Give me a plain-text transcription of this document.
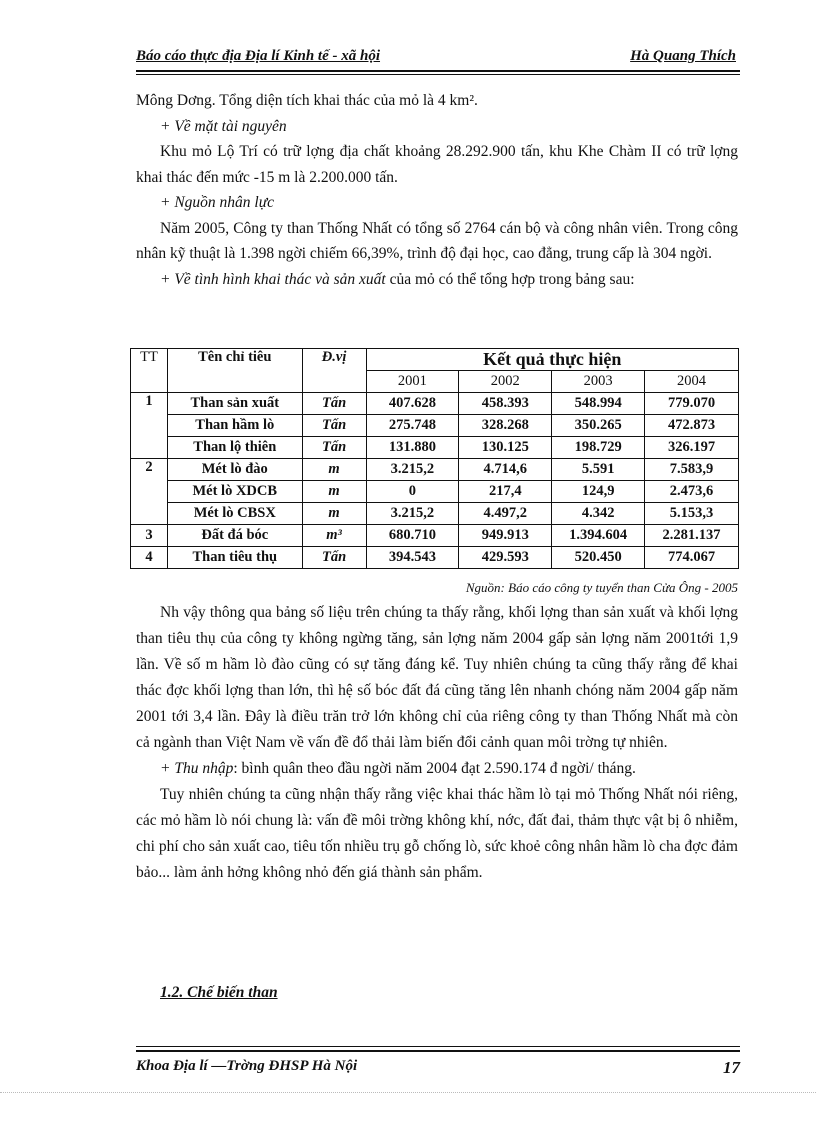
Báo cáo thực địa Địa lí Kinh tế - xã hội	Hà Quang Thích

Mông Dơng. Tổng diện tích khai thác của mỏ là 4 km².

+ Về mặt tài nguyên

Khu mỏ Lộ Trí có trữ lợng địa chất khoảng 28.292.900 tấn, khu Khe Chàm II có trữ lợng khai thác đến mức -15 m là 2.200.000 tấn.

+ Nguồn nhân lực

Năm 2005, Công ty than Thống Nhất có tổng số 2764 cán bộ và công nhân viên. Trong công nhân kỹ thuật là 1.398 ngời chiếm 66,39%, trình độ đại học, cao đẳng, trung cấp là 304 ngời.

+ Về tình hình khai thác và sản xuất của mỏ có thể tổng hợp trong bảng sau:

TT	Tên chỉ tiêu	Đ.vị	Kết quả thực hiện			
			2001	2002	2003	2004
1	Than sản xuất	Tấn	407.628	458.393	548.994	779.070
	Than hầm lò	Tấn	275.748	328.268	350.265	472.873
	Than lộ thiên	Tấn	131.880	130.125	198.729	326.197
2	Mét lò đào	m	3.215,2	4.714,6	5.591	7.583,9
	Mét lò XDCB	m	0	217,4	124,9	2.473,6
	Mét lò CBSX	m	3.215,2	4.497,2	4.342	5.153,3
3	Đất đá bóc	m³	680.710	949.913	1.394.604	2.281.137
4	Than tiêu thụ	Tấn	394.543	429.593	520.450	774.067
Nguồn: Báo cáo công ty tuyển than Cửa Ông - 2005

Nh vậy thông qua bảng số liệu trên chúng ta thấy rằng, khối lợng than sản xuất và khối lợng than tiêu thụ của công ty không ngừng tăng, sản lợng năm 2004 gấp sản lợng năm 2001tới 1,9 lần. Về số m hầm lò đào cũng có sự tăng đáng kể. Tuy nhiên chúng ta cũng thấy rằng để khai thác đợc khối lợng than lớn, thì hệ số bóc đất đá cũng tăng lên nhanh chóng năm 2004 gấp năm 2001 tới 3,4 lần. Đây là điều trăn trở lớn không chỉ của riêng công ty than Thống Nhất mà còn cả ngành than Việt Nam về vấn đề đổ thải làm biến đổi cảnh quan môi trờng tự nhiên.

+ Thu nhập: bình quân theo đầu ngời năm 2004 đạt 2.590.174 đ ngời/ tháng.

Tuy nhiên chúng ta cũng nhận thấy rằng việc khai thác hầm lò tại mỏ Thống Nhất nói riêng, các mỏ hầm lò nói chung là: vấn đề môi trờng không khí, nớc, đất đai, thảm thực vật bị ô nhiễm, chi phí cho sản xuất cao, tiêu tốn nhiều trụ gỗ chống lò, sức khoẻ công nhân hầm lò cha đợc đảm bảo... làm ảnh hởng không nhỏ đến giá thành sản phẩm.

1.2. Chế biến than
Khoa Địa lí —Trờng ĐHSP Hà Nội	17
